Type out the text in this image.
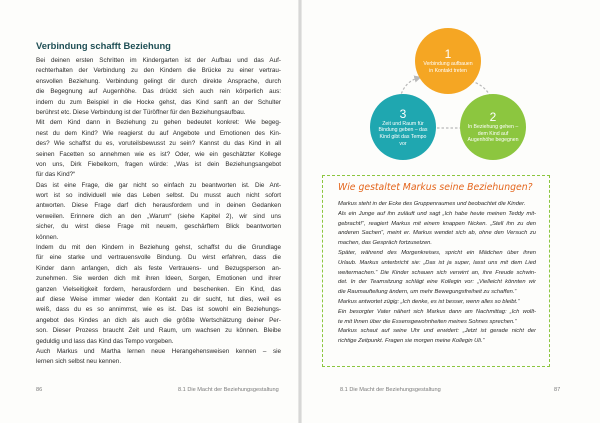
Verbindung schafft Beziehung
Bei deinen ersten Schritten im Kindergarten ist der Aufbau und das Auf-
rechterhalten der Verbindung zu den Kindern die Brücke zu einer vertrau-
ensvollen Beziehung. Verbindung gelingt dir durch direkte Ansprache, durch
die Begegnung auf Augenhöhe. Das drückt sich auch rein körperlich aus:
indem du zum Beispiel in die Hocke gehst, das Kind sanft an der Schulter
berührst etc. Diese Verbindung ist der Türöffner für den Beziehungsaufbau.
Mit dem Kind dann in Beziehung zu gehen bedeutet konkret: Wie begeg-
nest du dem Kind? Wie reagierst du auf Angebote und Emotionen des Kin-
des? Wie schaffst du es, voruteilsbewusst zu sein? Kannst du das Kind in all
seinen Facetten so annehmen wie es ist? Oder, wie ein geschätzter Kollege
von uns, Dirk Fiebelkorn, fragen würde: „Was ist dein Beziehungsangebot
für das Kind?“
Das ist eine Frage, die gar nicht so einfach zu beantworten ist. Die Ant-
wort ist so individuell wie das Leben selbst. Du musst auch nicht sofort
antworten. Diese Frage darf dich herausfordern und in deinen Gedanken
verweilen. Erinnere dich an den „Warum“ (siehe Kapitel 2), wir sind uns
sicher, du wirst diese Frage mit neuem, geschärftem Blick beantworten
können.
Indem du mit den Kindern in Beziehung gehst, schaffst du die Grundlage
für eine starke und vertrauensvolle Bindung. Du wirst erfahren, dass die
Kinder dann anfangen, dich als feste Vertrauens- und Bezugsperson an-
zunehmen. Sie werden dich mit ihren Ideen, Sorgen, Emotionen und ihrer
ganzen Vielseitigkeit fordern, herausfordern und beschenken. Ein Kind, das
auf diese Weise immer wieder den Kontakt zu dir sucht, tut dies, weil es
weiß, dass du es so annimmst, wie es ist. Das ist sowohl ein Beziehungs-
angebot des Kindes an dich als auch die größte Wertschätzung deiner Per-
son. Dieser Prozess braucht Zeit und Raum, um wachsen zu können. Bleibe
geduldig und lass das Kind das Tempo vorgeben.
Auch Markus und Martha lernen neue Herangehensweisen kennen – sie
lernen sich selbst neu kennen.
86	8.1 Die Macht der Beziehungsgestaltung
1
Verbindung aufbauen in Kontakt treten
2
In Beziehung gehen – dem Kind auf Augenhöhe begegnen
3
Zeit und Raum für Bindung geben – das Kind gibt das Tempo vor
Wie gestaltet Markus seine Beziehungen?
Markus steht in der Ecke des Gruppenraumes und beobachtet die Kinder.
Als ein Junge auf ihn zuläuft und sagt „Ich habe heute meinen Teddy mit-
gebracht!“, reagiert Markus mit einem knappen Nicken. „Stell ihn zu den
anderen Sachen“, meint er. Markus wendet sich ab, ohne den Versuch zu
machen, das Gespräch fortzusetzen.
Später, während des Morgenkreises, spricht ein Mädchen über ihren
Urlaub. Markus unterbricht sie: „Das ist ja super, lasst uns mit dem Lied
weitermachen.“ Die Kinder schauen sich verwirrt an, ihre Freude schwin-
det. In der Teamsitzung schlägt eine Kollegin vor: „Vielleicht könnten wir
die Raumaufteilung ändern, um mehr Bewegungsfreiheit zu schaffen.“
Markus antwortet zügig: „Ich denke, es ist besser, wenn alles so bleibt.“
Ein besorgter Vater nähert sich Markus dann am Nachmittag: „Ich wollt-
te mit Ihnen über die Essensgewohnheiten meines Sohnes sprechen.“
Markus schaut auf seine Uhr und erwidert: „Jetzt ist gerade nicht der
richtige Zeitpunkt. Fragen sie morgen meine Kollegin Uli.“
8.1 Die Macht der Beziehungsgestaltung	87
